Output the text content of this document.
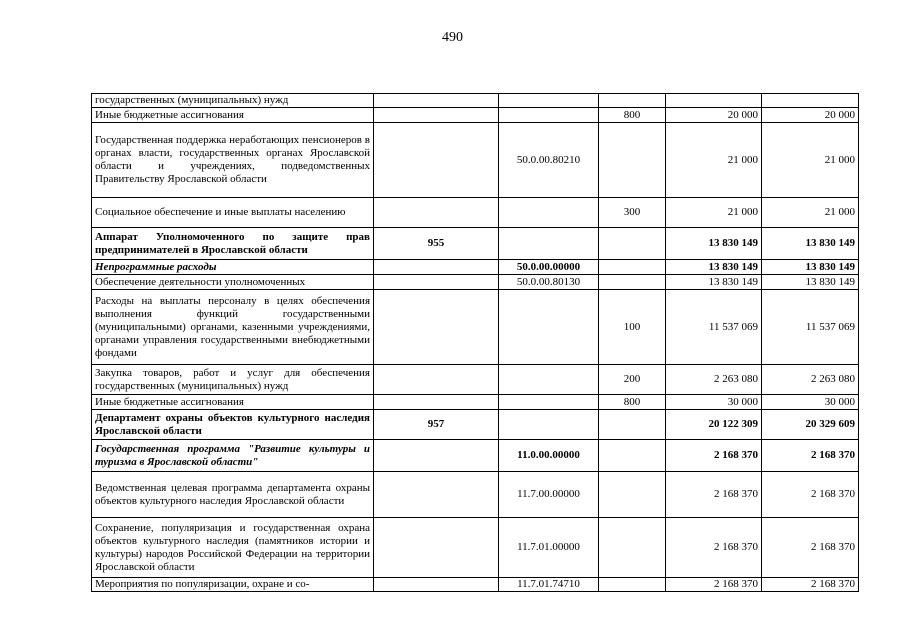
490
государственных (муниципальных) нужд					
Иные бюджетные ассигнования			800	20 000	20 000
Государственная поддержка неработающих пенсионеров в органах власти, государственных органах Ярославской области и учреждениях, подведомственных Правительству Ярославской области		50.0.00.80210		21 000	21 000
Социальное обеспечение и иные выплаты населению			300	21 000	21 000
Аппарат Уполномоченного по защите прав предпринимателей в Ярославской области	955			13 830 149	13 830 149
Непрограммные расходы		50.0.00.00000		13 830 149	13 830 149
Обеспечение деятельности уполномоченных		50.0.00.80130		13 830 149	13 830 149
Расходы на выплаты персоналу в целях обеспечения выполнения функций государственными (муниципальными) органами, казенными учреждениями, органами управления государственными внебюджетными фондами			100	11 537 069	11 537 069
Закупка товаров, работ и услуг для обеспечения государственных (муниципальных) нужд			200	2 263 080	2 263 080
Иные бюджетные ассигнования			800	30 000	30 000
Департамент охраны объектов культурного наследия Ярославской области	957			20 122 309	20 329 609
Государственная программа "Развитие культуры и туризма в Ярославской области"		11.0.00.00000		2 168 370	2 168 370
Ведомственная целевая программа департамента охраны объектов культурного наследия Ярославской области		11.7.00.00000		2 168 370	2 168 370
Сохранение, популяризация и государственная охрана объектов культурного наследия (памятников истории и культуры) народов Российской Федерации на территории Ярославской области		11.7.01.00000		2 168 370	2 168 370
Мероприятия по популяризации, охране и со-		11.7.01.74710		2 168 370	2 168 370
